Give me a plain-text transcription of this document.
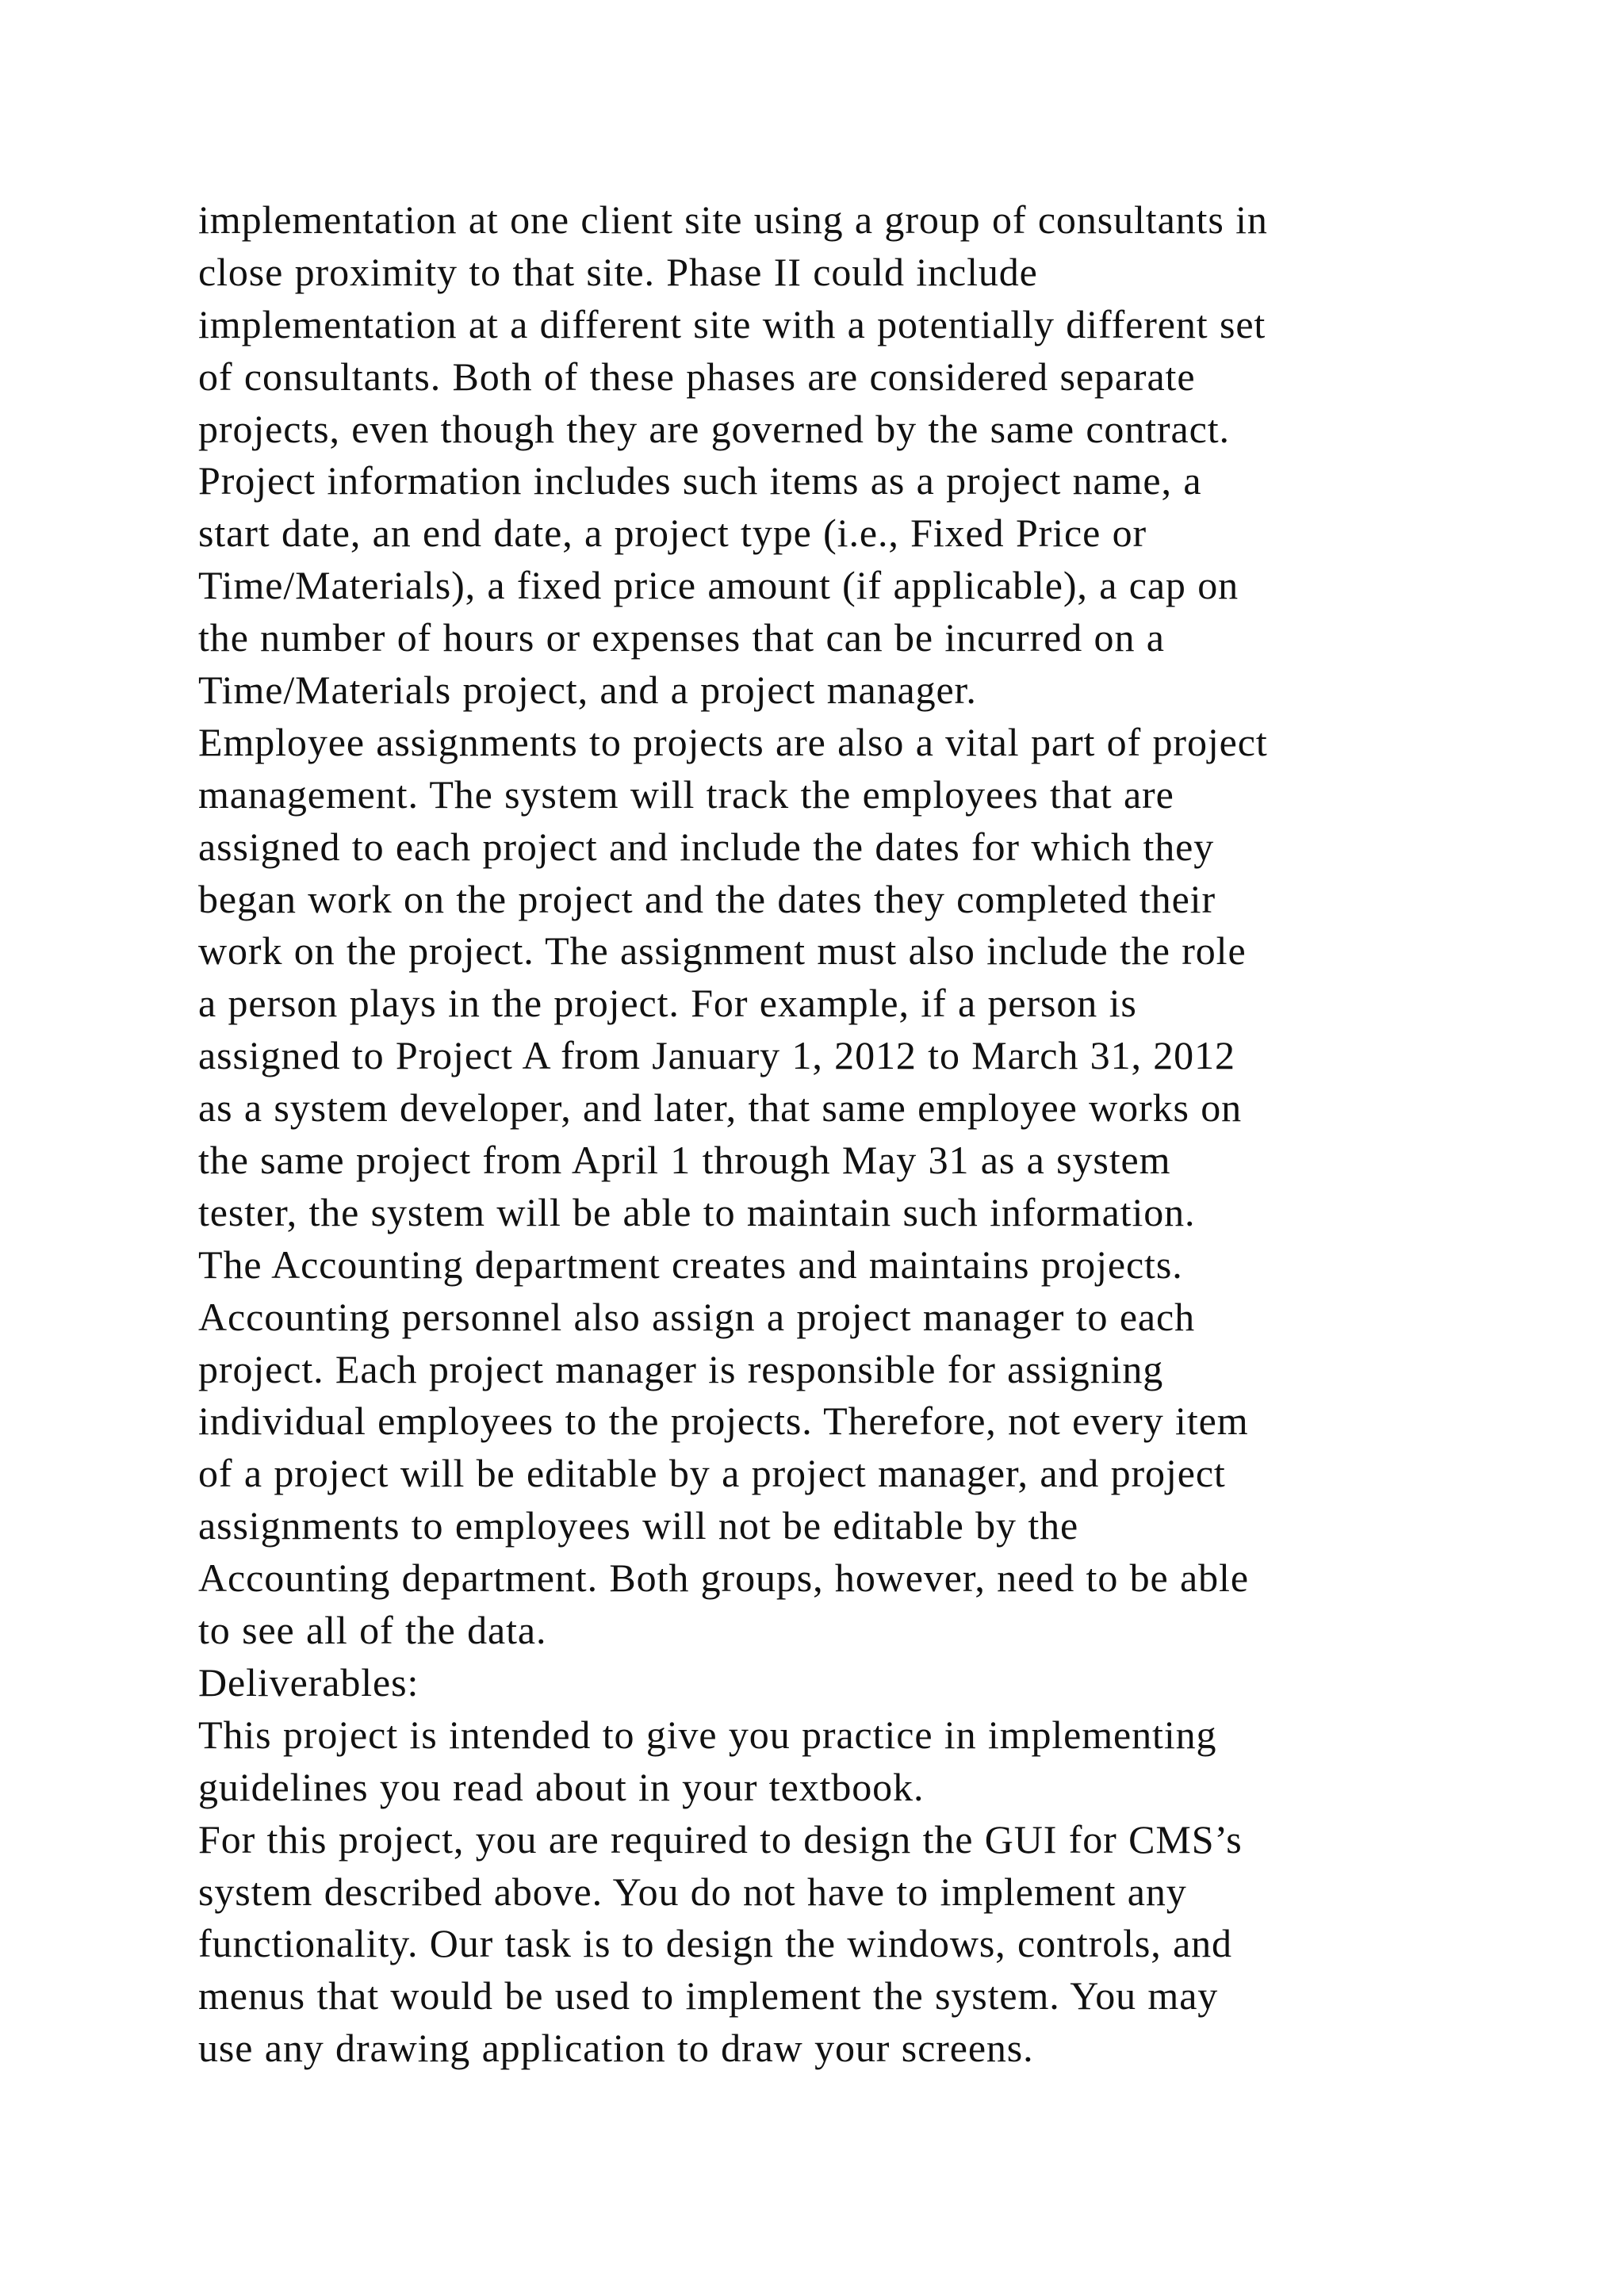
implementation at one client site using a group of consultants in
close proximity to that site. Phase II could include
implementation at a different site with a potentially different set
of consultants. Both of these phases are considered separate
projects, even though they are governed by the same contract.
Project information includes such items as a project name, a
start date, an end date, a project type (i.e., Fixed Price or
Time/Materials), a fixed price amount (if applicable), a cap on
the number of hours or expenses that can be incurred on a
Time/Materials project, and a project manager.
Employee assignments to projects are also a vital part of project
management. The system will track the employees that are
assigned to each project and include the dates for which they
began work on the project and the dates they completed their
work on the project. The assignment must also include the role
a person plays in the project. For example, if a person is
assigned to Project A from January 1, 2012 to March 31, 2012
as a system developer, and later, that same employee works on
the same project from April 1 through May 31 as a system
tester, the system will be able to maintain such information.
The Accounting department creates and maintains projects.
Accounting personnel also assign a project manager to each
project. Each project manager is responsible for assigning
individual employees to the projects. Therefore, not every item
of a project will be editable by a project manager, and project
assignments to employees will not be editable by the
Accounting department. Both groups, however, need to be able
to see all of the data.
Deliverables:
This project is intended to give you practice in implementing
guidelines you read about in your textbook.
For this project, you are required to design the GUI for CMS’s
system described above. You do not have to implement any
functionality. Our task is to design the windows, controls, and
menus that would be used to implement the system. You may
use any drawing application to draw your screens.
